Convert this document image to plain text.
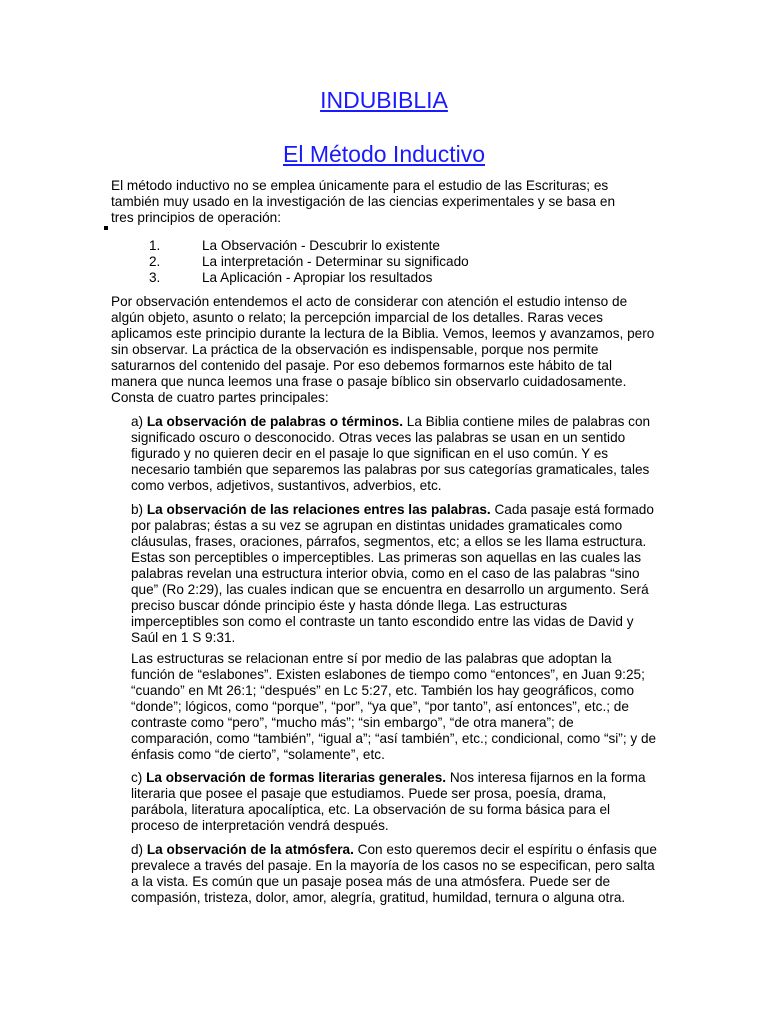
INDUBIBLIA
El Método Inductivo
El método inductivo no se emplea únicamente para el estudio de las Escrituras; es también muy usado en la investigación de las ciencias experimentales y se basa en tres principios de operación:
1.	La Observación - Descubrir lo existente
2.	La interpretación - Determinar su significado
3.	La Aplicación - Apropiar los resultados
Por observación entendemos el acto de considerar con atención el estudio intenso de algún objeto, asunto o relato; la percepción imparcial de los detalles. Raras veces aplicamos este principio durante la lectura de la Biblia. Vemos, leemos y avanzamos, pero sin observar. La práctica de la observación es indispensable, porque nos permite saturarnos del contenido del pasaje. Por eso debemos formarnos este hábito de tal manera que nunca leemos una frase o pasaje bíblico sin observarlo cuidadosamente. Consta de cuatro partes principales:
a) La observación de palabras o términos. La Biblia contiene miles de palabras con significado oscuro o desconocido. Otras veces las palabras se usan en un sentido figurado y no quieren decir en el pasaje lo que significan en el uso común. Y es necesario también que separemos las palabras por sus categorías gramaticales, tales como verbos, adjetivos, sustantivos, adverbios, etc.
b) La observación de las relaciones entres las palabras. Cada pasaje está formado por palabras; éstas a su vez se agrupan en distintas unidades gramaticales como cláusulas, frases, oraciones, párrafos, segmentos, etc; a ellos se les llama estructura. Estas son perceptibles o imperceptibles. Las primeras son aquellas en las cuales las palabras revelan una estructura interior obvia, como en el caso de las palabras “sino que” (Ro 2:29), las cuales indican que se encuentra en desarrollo un argumento. Será preciso buscar dónde principio éste y hasta dónde llega. Las estructuras imperceptibles son como el contraste un tanto escondido entre las vidas de David y Saúl en 1 S 9:31.
Las estructuras se relacionan entre sí por medio de las palabras que adoptan la función de “eslabones”. Existen eslabones de tiempo como “entonces”, en Juan 9:25; “cuando” en Mt 26:1; “después” en Lc 5:27, etc. También los hay geográficos, como “donde”; lógicos, como “porque”, “por”, “ya que”, “por tanto”, así entonces”, etc.; de contraste como “pero”, “mucho más”; “sin embargo”, “de otra manera”; de comparación, como “también”, “igual a”; “así también”, etc.; condicional, como “si”; y de énfasis como “de cierto”, “solamente”, etc.
c) La observación de formas literarias generales. Nos interesa fijarnos en la forma literaria que posee el pasaje que estudiamos. Puede ser prosa, poesía, drama, parábola, literatura apocalíptica, etc. La observación de su forma básica para el proceso de interpretación vendrá después.
d) La observación de la atmósfera. Con esto queremos decir el espíritu o énfasis que prevalece a través del pasaje. En la mayoría de los casos no se especifican, pero salta a la vista. Es común que un pasaje posea más de una atmósfera. Puede ser de compasión, tristeza, dolor, amor, alegría, gratitud, humildad, ternura o alguna otra.
